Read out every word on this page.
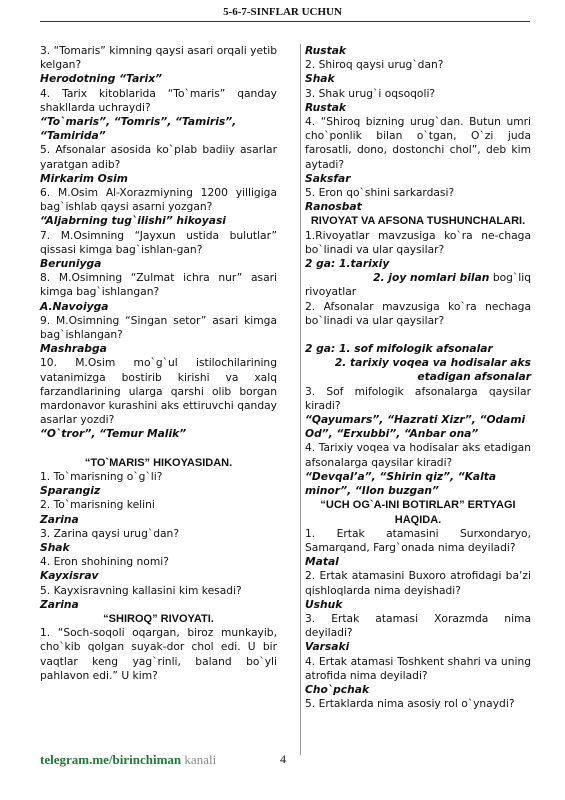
5-6-7-SINFLAR UCHUN
3. “Tomaris” kimning qaysi asari orqali yetib kelgan?
Herodotning “Tarix”
4. Tarix kitoblarida “To`maris” qanday shakllarda uchraydi?
“To`maris”, “Tomris”, “Tamiris”, “Tamirida”
5. Afsonalar asosida ko`plab badiiy asarlar yaratgan adib?
Mirkarim Osim
6. M.Osim Al-Xorazmiyning 1200 yilligiga bag`ishlab qaysi asarni yozgan?
“Aljabrning tug`ilishi” hikoyasi
7. M.Osimning “Jayxun ustida bulutlar” qissasi kimga bag`ishlan-gan?
Beruniyga
8. M.Osimning “Zulmat ichra nur” asari kimga bag`ishlangan?
A.Navoiyga
9. M.Osimning “Singan setor” asari kimga bag`ishlangan?
Mashrabga
10. M.Osim mo`g`ul istilochilarining vatanimizga bostirib kirishi va xalq farzandlarining ularga qarshi olib borgan mardonavor kurashini aks ettiruvchi qanday asarlar yozdi?
“O`tror”, “Temur Malik”
“TO`MARIS” HIKOYASIDAN.
1. To`marisning o`g`li?
Sparangiz
2. To`marisning kelini
Zarina
3. Zarina qaysi urug`dan?
Shak
4. Eron shohining nomi?
Kayxisrav
5. Kayxisravning kallasini kim kesadi?
Zarina
“SHIROQ” RIVOYATI.
1. “Soch-soqoli oqargan, biroz munkayib, cho`kib qolgan suyak-dor chol edi. U bir vaqtlar keng yag`rinli, baland bo`yli pahlavon edi.” U kim?
Rustak
2. Shiroq qaysi urug`dan?
Shak
3. Shak urug`i oqsoqoli?
Rustak
4. “Shiroq bizning urug`dan. Butun umri cho`ponlik bilan o`tgan, O`zi juda farosatli, dono, dostonchi chol”, deb kim aytadi?
Saksfar
5. Eron qo`shini sarkardasi?
Ranosbat
RIVOYAT VA AFSONA TUSHUNCHALARI.
1.Rivoyatlar mavzusiga ko`ra ne-chaga bo`linadi va ular qaysilar?
2 ga: 1.tarixiy
2. joy nomlari bilan bog`liq
rivoyatlar
2. Afsonalar mavzusiga ko`ra nechaga bo`linadi va ular qaysilar?
2 ga: 1. sof mifologik afsonalar
2. tarixiy voqea va hodisalar aks etadigan afsonalar
3. Sof mifologik afsonalarga qaysilar kiradi?
“Qayumars”, “Hazrati Xizr”, “Odami Od”, “Erxubbi”, “Anbar ona”
4. Tarixiy voqea va hodisalar aks etadigan afsonalarga qaysilar kiradi?
“Devqal’a”, “Shirin qiz”, “Kalta minor”, “Ilon buzgan”
“UCH OG`A-INI BOTIRLAR” ERTYAGI HAQIDA.
1. Ertak atamasini Surxondaryo, Samarqand, Farg`onada nima deyiladi?
Matal
2. Ertak atamasini Buxoro atrofidagi ba’zi qishloqlarda nima deyishadi?
Ushuk
3. Ertak atamasi Xorazmda nima deyiladi?
Varsaki
4. Ertak atamasi Toshkent shahri va uning atrofida nima deyiladi?
Cho`pchak
5. Ertaklarda nima asosiy rol o`ynaydi?
telegram.me/birinchiman kanali	4
